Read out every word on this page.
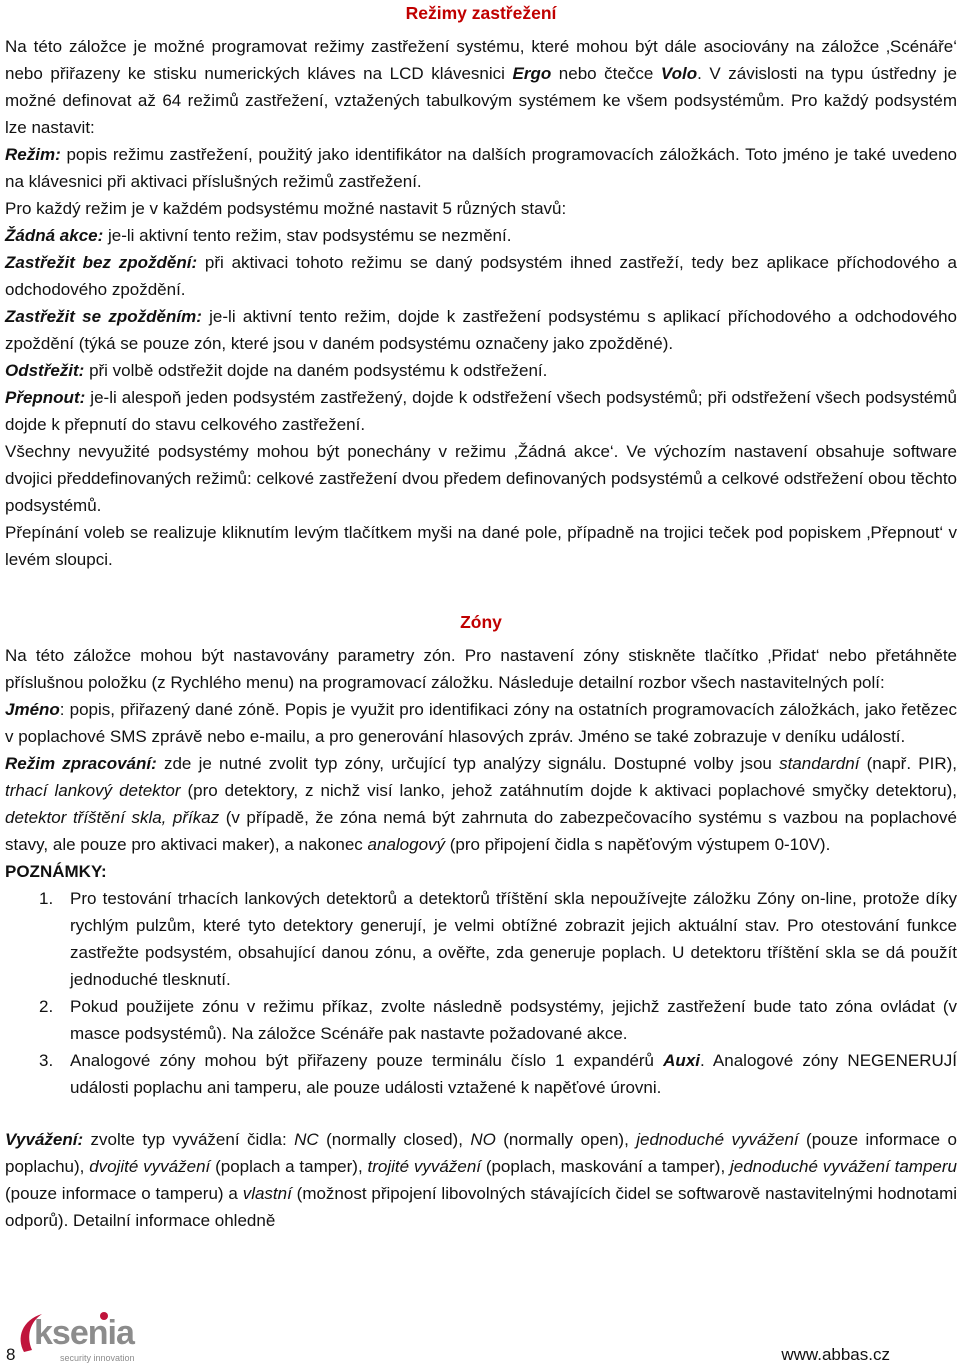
Režimy zastřežení

Na této záložce je možné programovat režimy zastřežení systému, které mohou být dále asociovány na záložce ‚Scénáře‘ nebo přiřazeny ke stisku numerických kláves na LCD klávesnici Ergo nebo čtečce Volo. V závislosti na typu ústředny je možné definovat až 64 režimů zastřežení, vztažených tabulkovým systémem ke všem podsystémům. Pro každý podsystém lze nastavit:

Režim: popis režimu zastřežení, použitý jako identifikátor na dalších programovacích záložkách. Toto jméno je také uvedeno na klávesnici při aktivaci příslušných režimů zastřežení.

Pro každý režim je v každém podsystému možné nastavit 5 různých stavů:

Žádná akce: je-li aktivní tento režim, stav podsystému se nezmění.

Zastřežit bez zpoždění: při aktivaci tohoto režimu se daný podsystém ihned zastřeží, tedy bez aplikace příchodového a odchodového zpoždění.

Zastřežit se zpožděním: je-li aktivní tento režim, dojde k zastřežení podsystému s aplikací příchodového a odchodového zpoždění (týká se pouze zón, které jsou v daném podsystému označeny jako zpožděné).

Odstřežit: při volbě odstřežit dojde na daném podsystému k odstřežení.

Přepnout: je-li alespoň jeden podsystém zastřežený, dojde k odstřežení všech podsystémů; při odstřežení všech podsystémů dojde k přepnutí do stavu celkového zastřežení.

Všechny nevyužité podsystémy mohou být ponechány v režimu ‚Žádná akce‘. Ve výchozím nastavení obsahuje software dvojici předdefinovaných režimů: celkové zastřežení dvou předem definovaných podsystémů a celkové odstřežení obou těchto podsystémů.

Přepínání voleb se realizuje kliknutím levým tlačítkem myši na dané pole, případně na trojici teček pod popiskem ‚Přepnout‘ v levém sloupci.

Zóny

Na této záložce mohou být nastavovány parametry zón. Pro nastavení zóny stiskněte tlačítko ‚Přidat‘ nebo přetáhněte příslušnou položku (z Rychlého menu) na programovací záložku. Následuje detailní rozbor všech nastavitelných polí:

Jméno: popis, přiřazený dané zóně. Popis je využit pro identifikaci zóny na ostatních programovacích záložkách, jako řetězec v poplachové SMS zprávě nebo e-mailu, a pro generování hlasových zpráv. Jméno se také zobrazuje v deníku událostí.

Režim zpracování: zde je nutné zvolit typ zóny, určující typ analýzy signálu. Dostupné volby jsou standardní (např. PIR), trhací lankový detektor (pro detektory, z nichž visí lanko, jehož zatáhnutím dojde k aktivaci poplachové smyčky detektoru), detektor tříštění skla, příkaz (v případě, že zóna nemá být zahrnuta do zabezpečovacího systému s vazbou na poplachové stavy, ale pouze pro aktivaci maker), a nakonec analogový (pro připojení čidla s napěťovým výstupem 0-10V).

POZNÁMKY:

1. Pro testování trhacích lankových detektorů a detektorů tříštění skla nepoužívejte záložku Zóny on-line, protože díky rychlým pulzům, které tyto detektory generují, je velmi obtížné zobrazit jejich aktuální stav. Pro otestování funkce zastřežte podsystém, obsahující danou zónu, a ověřte, zda generuje poplach. U detektoru tříštění skla se dá použít jednoduché tlesknutí.
2. Pokud použijete zónu v režimu příkaz, zvolte následně podsystémy, jejichž zastřežení bude tato zóna ovládat (v masce podsystémů). Na záložce Scénáře pak nastavte požadované akce.
3. Analogové zóny mohou být přiřazeny pouze terminálu číslo 1 expandérů Auxi. Analogové zóny NEGENERUJÍ události poplachu ani tamperu, ale pouze události vztažené k napěťové úrovni.

Vyvážení: zvolte typ vyvážení čidla: NC (normally closed), NO (normally open), jednoduché vyvážení (pouze informace o poplachu), dvojité vyvážení (poplach a tamper), trojité vyvážení (poplach, maskování a tamper), jednoduché vyvážení tamperu (pouze informace o tamperu) a vlastní (možnost připojení libovolných stávajících čidel se softwarově nastavitelnými hodnotami odporů). Detailní informace ohledně

ksenia
security innovation
8	www.abbas.cz
